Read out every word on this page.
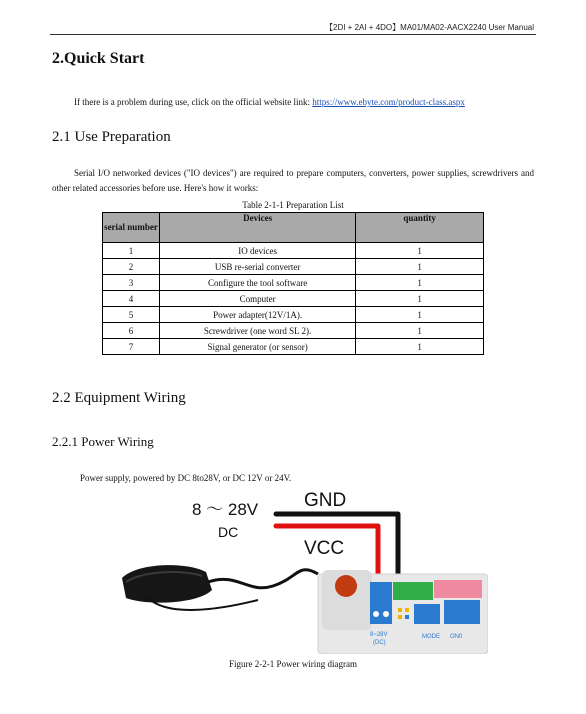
【2DI + 2AI + 4DO】MA01/MA02-AACX2240 User Manual
2.Quick Start
If there is a problem during use, click on the official website link: https://www.ebyte.com/product-class.aspx
2.1 Use Preparation
Serial I/O networked devices ("IO devices") are required to prepare computers, converters, power supplies, screwdrivers and other related accessories before use. Here's how it works:
Table 2-1-1 Preparation List
serial number	Devices	quantity
1	IO devices	1
2	USB re-serial converter	1
3	Configure the tool software	1
4	Computer	1
5	Power adapter(12V/1A).	1
6	Screwdriver (one word SL 2).	1
7	Signal generator (or sensor)	1
2.2 Equipment Wiring
2.2.1 Power Wiring
Power supply, powered by DC 8to28V, or DC 12V or 24V.
8 ～ 28V
DC
GND
VCC
8~28V
(DC)
MODE ON0
Figure 2-2-1 Power wiring diagram
